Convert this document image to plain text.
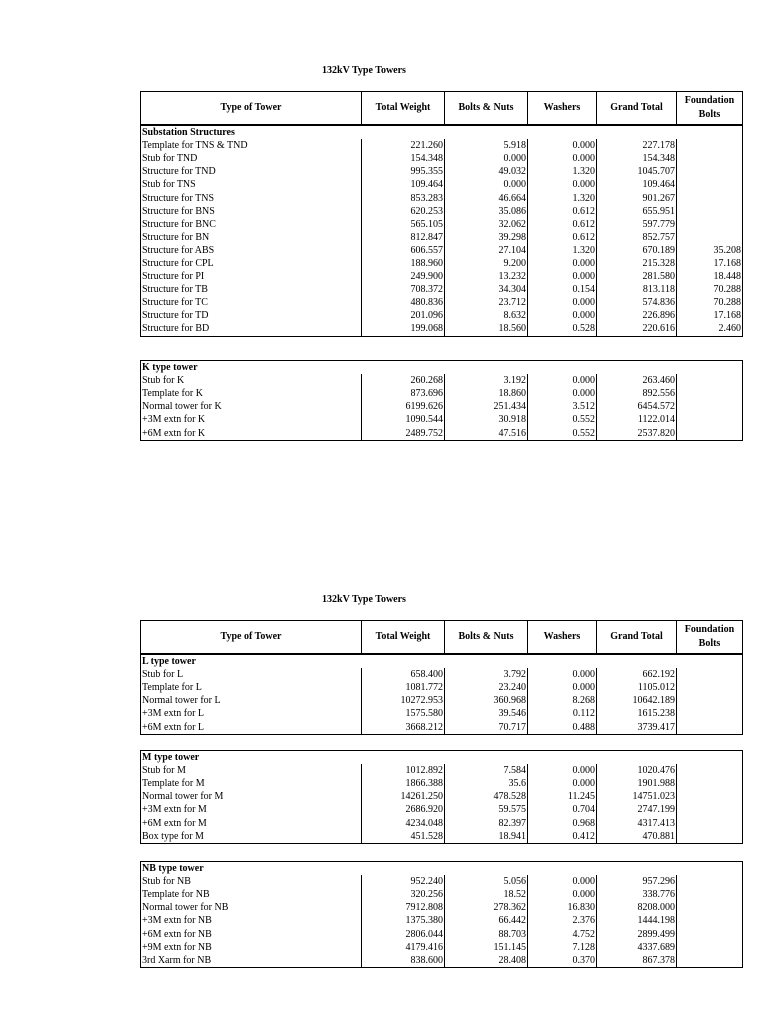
132kV Type Towers
Type of Tower	Total Weight	Bolts & Nuts	Washers	Grand Total	Foundation Bolts
Substation Structures					
Template for TNS & TND	221.260	5.918	0.000	227.178	
Stub for TND	154.348	0.000	0.000	154.348	
Structure for TND	995.355	49.032	1.320	1045.707	
Stub for TNS	109.464	0.000	0.000	109.464	
Structure for TNS	853.283	46.664	1.320	901.267	
Structure for BNS	620.253	35.086	0.612	655.951	
Structure for BNC	565.105	32.062	0.612	597.779	
Structure for BN	812.847	39.298	0.612	852.757	
Structure for ABS	606.557	27.104	1.320	670.189	35.208
Structure for CPL	188.960	9.200	0.000	215.328	17.168
Structure for PI	249.900	13.232	0.000	281.580	18.448
Structure for TB	708.372	34.304	0.154	813.118	70.288
Structure for TC	480.836	23.712	0.000	574.836	70.288
Structure for TD	201.096	8.632	0.000	226.896	17.168
Structure for BD	199.068	18.560	0.528	220.616	2.460
K type tower					
Stub for K	260.268	3.192	0.000	263.460	
Template for K	873.696	18.860	0.000	892.556	
Normal tower for K	6199.626	251.434	3.512	6454.572	
+3M extn for K	1090.544	30.918	0.552	1122.014	
+6M extn for K	2489.752	47.516	0.552	2537.820	
132kV Type Towers
Type of Tower	Total Weight	Bolts & Nuts	Washers	Grand Total	Foundation Bolts
L type tower					
Stub for L	658.400	3.792	0.000	662.192	
Template for L	1081.772	23.240	0.000	1105.012	
Normal tower for L	10272.953	360.968	8.268	10642.189	
+3M extn for L	1575.580	39.546	0.112	1615.238	
+6M extn for L	3668.212	70.717	0.488	3739.417	
M type tower					
Stub for M	1012.892	7.584	0.000	1020.476	
Template for M	1866.388	35.6	0.000	1901.988	
Normal tower for M	14261.250	478.528	11.245	14751.023	
+3M extn for M	2686.920	59.575	0.704	2747.199	
+6M extn for M	4234.048	82.397	0.968	4317.413	
Box type for M	451.528	18.941	0.412	470.881	
NB type tower					
Stub for NB	952.240	5.056	0.000	957.296	
Template for NB	320.256	18.52	0.000	338.776	
Normal tower for NB	7912.808	278.362	16.830	8208.000	
+3M extn for NB	1375.380	66.442	2.376	1444.198	
+6M extn for NB	2806.044	88.703	4.752	2899.499	
+9M extn for NB	4179.416	151.145	7.128	4337.689	
3rd Xarm for NB	838.600	28.408	0.370	867.378	
